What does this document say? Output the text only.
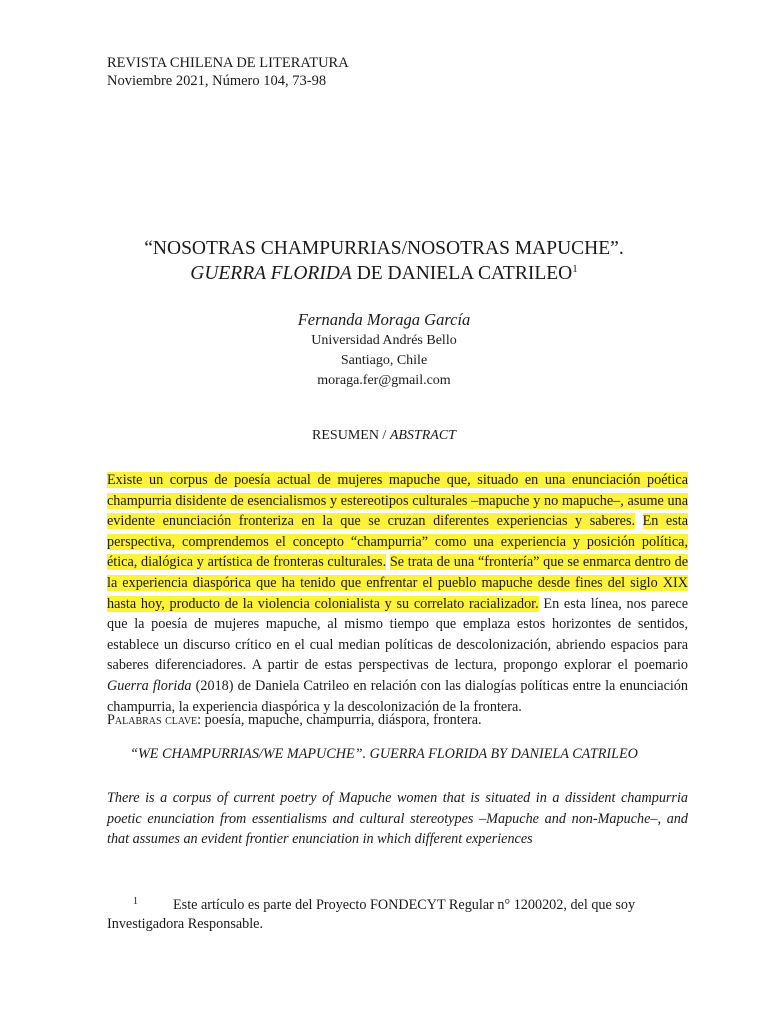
REVISTA CHILENA DE LITERATURA
Noviembre 2021, Número 104, 73-98
“NOSOTRAS CHAMPURRIAS/NOSOTRAS MAPUCHE”.
GUERRA FLORIDA DE DANIELA CATRILEO$^1$
Fernanda Moraga García
Universidad Andrés Bello
Santiago, Chile
moraga.fer@gmail.com
RESUMEN / ABSTRACT

Existe un corpus de poesía actual de mujeres mapuche que, situado en una enunciación poética champurria disidente de esencialismos y estereotipos culturales –mapuche y no mapuche–, asume una evidente enunciación fronteriza en la que se cruzan diferentes experiencias y saberes. En esta perspectiva, comprendemos el concepto “champurria” como una experiencia y posición política, ética, dialógica y artística de fronteras culturales. Se trata de una “frontería” que se enmarca dentro de la experiencia diaspórica que ha tenido que enfrentar el pueblo mapuche desde fines del siglo XIX hasta hoy, producto de la violencia colonialista y su correlato racializador. En esta línea, nos parece que la poesía de mujeres mapuche, al mismo tiempo que emplaza estos horizontes de sentidos, establece un discurso crítico en el cual median políticas de descolonización, abriendo espacios para saberes diferenciadores. A partir de estas perspectivas de lectura, propongo explorar el poemario Guerra florida (2018) de Daniela Catrileo en relación con las dialogías políticas entre la enunciación champurria, la experiencia diaspórica y la descolonización de la frontera.

Palabras clave: poesía, mapuche, champurria, diáspora, frontera.

“WE CHAMPURRIAS/WE MAPUCHE”. GUERRA FLORIDA BY DANIELA CATRILEO

There is a corpus of current poetry of Mapuche women that is situated in a dissident champurria poetic enunciation from essentialisms and cultural stereotypes –Mapuche and non-Mapuche–, and that assumes an evident frontier enunciation in which different experiences

1	Este artículo es parte del Proyecto FONDECYT Regular n° 1200202, del que soy
Investigadora Responsable.
